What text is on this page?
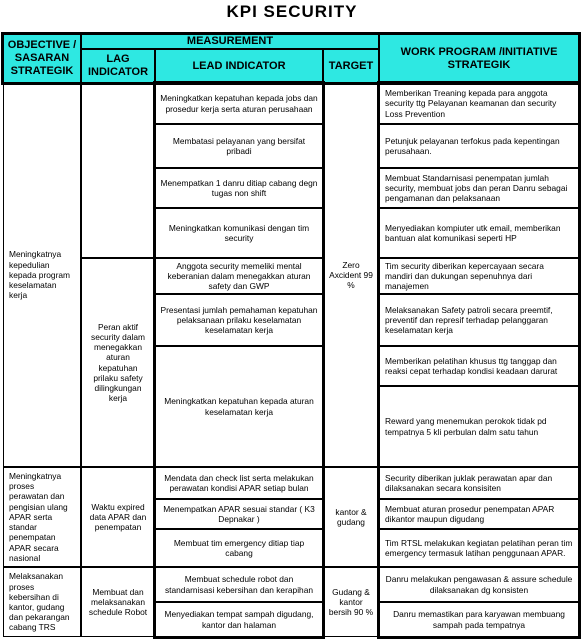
KPI SECURITY
OBJECTIVE / SASARAN STRATEGIK
MEASUREMENT
LAG INDICATOR
LEAD INDICATOR	TARGET
WORK PROGRAM /INITIATIVE STRATEGIK
Meningkatnya kepedulian kepada program keselamatan kerja
Meningkatnya proses perawatan dan pengisian ulang APAR serta standar penempatan APAR secara nasional
Melaksanakan proses kebersihan di kantor, gudang dan pekarangan cabang TRS
Peran aktif security dalam menegakkan aturan kepatuhan prilaku safety dilingkungan kerja
Waktu expired data APAR dan penempatan
Membuat dan melaksanakan schedule Robot
Zero Axcident 99 %
kantor & gudang
Gudang & kantor bersih 90 %
Meningkatkan kepatuhan kepada jobs dan prosedur kerja serta aturan perusahaan
Membatasi pelayanan yang bersifat pribadi
Menempatkan 1 danru ditiap cabang degn tugas non shift
Meningkatkan komunikasi dengan tim security
Anggota security memeliki mental keberanian dalam menegakkan aturan safety dan GWP
Presentasi jumlah pemahaman kepatuhan pelaksanaan prilaku keselamatan keselamatan kerja
Meningkatkan kepatuhan kepada aturan keselamatan kerja
Mendata dan check list serta melakukan perawatan kondisi APAR setiap bulan
Menempatkan APAR sesuai standar ( K3 Depnakar )
Membuat tim emergency ditiap tiap cabang
Membuat schedule robot dan standarnisasi kebersihan dan kerapihan
Menyediakan tempat sampah digudang, kantor dan halaman
Memberikan Treaning kepada para anggota security ttg Pelayanan keamanan dan security Loss Prevention
Petunjuk pelayanan terfokus pada kepentingan perusahaan.
Membuat Standarnisasi penempatan jumlah security, membuat jobs dan peran Danru sebagai pengamanan dan pelaksanaan
Menyediakan kompiuter utk email, memberikan bantuan alat komunikasi seperti HP
Tim security diberikan kepercayaan secara mandiri dan dukungan sepenuhnya dari manajemen
Melaksanakan Safety patroli secara preemtif, preventif dan represif terhadap pelanggaran keselamatan kerja
Memberikan pelatihan khusus ttg tanggap dan reaksi cepat terhadap kondisi keadaan darurat
Reward yang menemukan perokok tidak pd tempatnya 5 kli perbulan dalm satu tahun
Security diberikan juklak perawatan apar dan dilaksanakan secara konsisiten
Membuat aturan prosedur penempatan APAR dikantor maupun digudang
Tim RTSL melakukan kegiatan pelatihan peran tim emergency termasuk latihan penggunaan APAR.
Danru melakukan pengawasan & assure schedule dilaksanakan dg konsisten
Danru memastikan para karyawan membuang sampah pada tempatnya
